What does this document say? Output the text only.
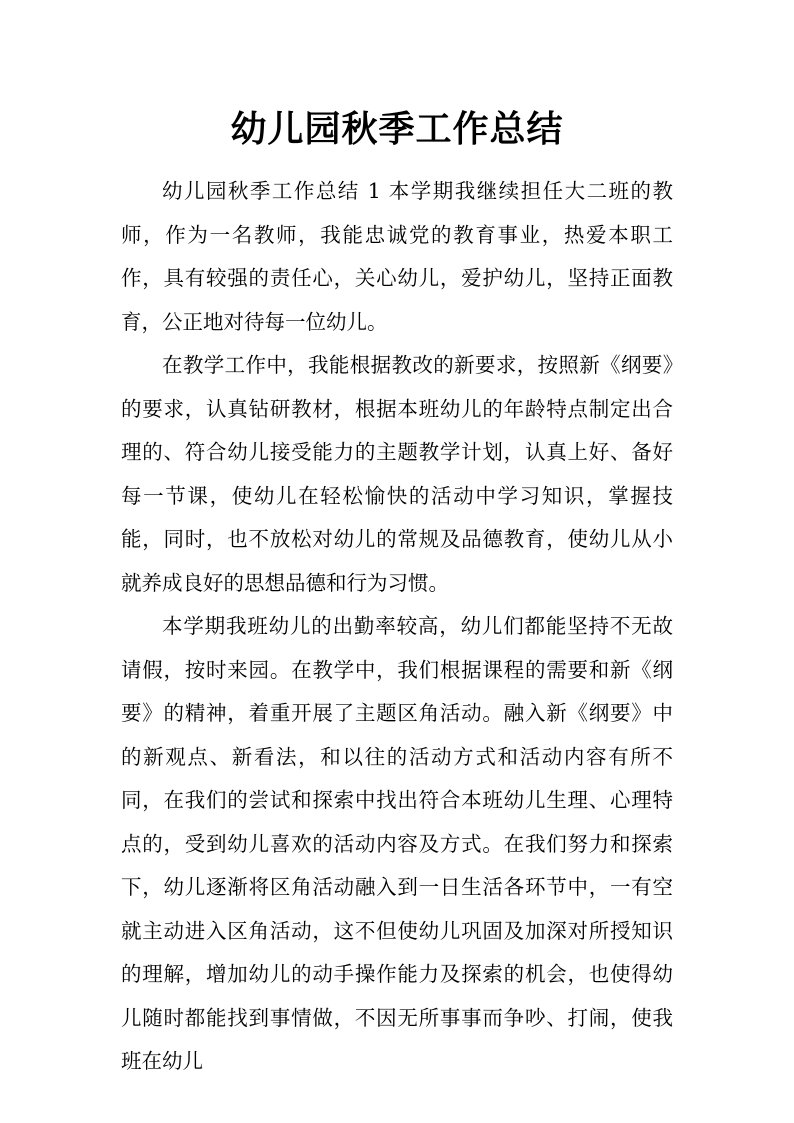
幼儿园秋季工作总结

幼儿园秋季工作总结 1 本学期我继续担任大二班的教师，作为一名教师，我能忠诚党的教育事业，热爱本职工作，具有较强的责任心，关心幼儿，爱护幼儿，坚持正面教育，公正地对待每一位幼儿。

在教学工作中，我能根据教改的新要求，按照新《纲要》的要求，认真钻研教材，根据本班幼儿的年龄特点制定出合理的、符合幼儿接受能力的主题教学计划，认真上好、备好每一节课，使幼儿在轻松愉快的活动中学习知识，掌握技能，同时，也不放松对幼儿的常规及品德教育，使幼儿从小就养成良好的思想品德和行为习惯。

本学期我班幼儿的出勤率较高，幼儿们都能坚持不无故请假，按时来园。在教学中，我们根据课程的需要和新《纲要》的精神，着重开展了主题区角活动。融入新《纲要》中的新观点、新看法，和以往的活动方式和活动内容有所不同，在我们的尝试和探索中找出符合本班幼儿生理、心理特点的，受到幼儿喜欢的活动内容及方式。在我们努力和探索下，幼儿逐渐将区角活动融入到一日生活各环节中，一有空就主动进入区角活动，这不但使幼儿巩固及加深对所授知识的理解，增加幼儿的动手操作能力及探索的机会，也使得幼儿随时都能找到事情做，不因无所事事而争吵、打闹，使我班在幼儿
